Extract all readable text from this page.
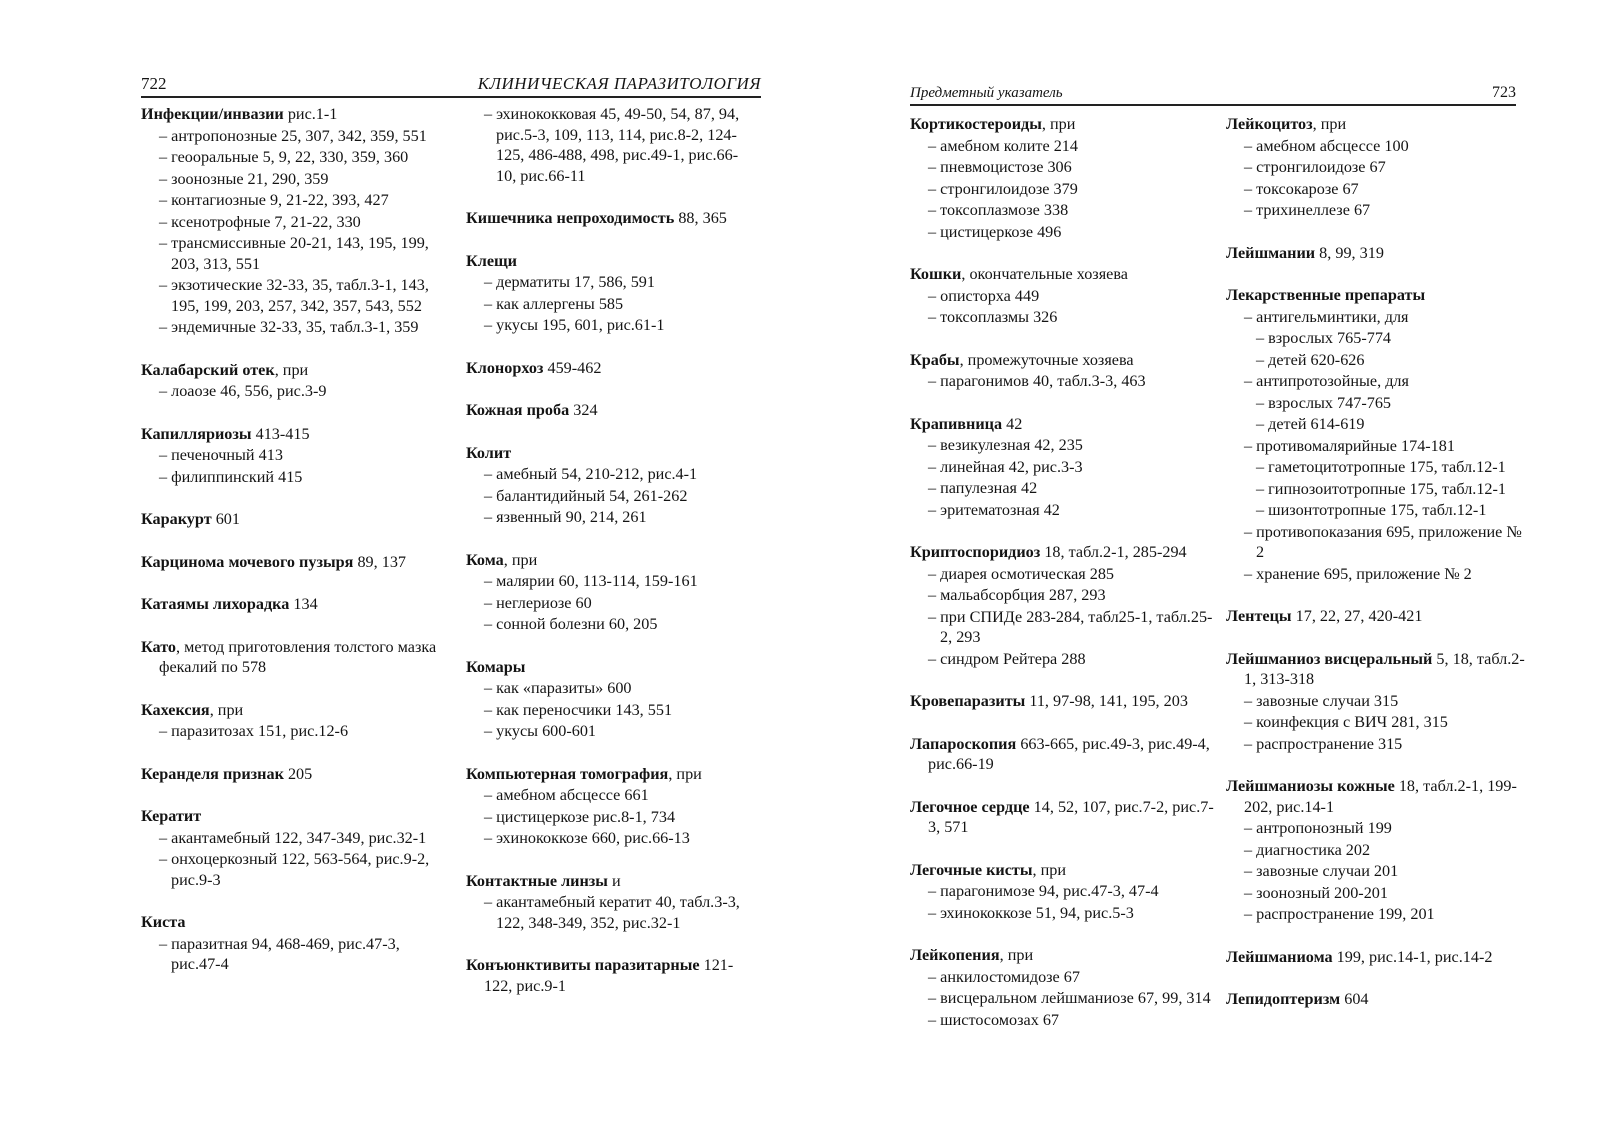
722	КЛИНИЧЕСКАЯ ПАРАЗИТОЛОГИЯ
Инфекции/инвазии рис.1-1
– антропонозные 25, 307, 342, 359, 551
– геооральные 5, 9, 22, 330, 359, 360
– зоонозные 21, 290, 359
– контагиозные 9, 21-22, 393, 427
– ксенотрофные 7, 21-22, 330
– трансмиссивные 20-21, 143, 195, 199, 203, 313, 551
– экзотические 32-33, 35, табл.3-1, 143, 195, 199, 203, 257, 342, 357, 543, 552
– эндемичные 32-33, 35, табл.3-1, 359
Калабарский отек, при
– лоаозе 46, 556, рис.3-9
Капилляриозы 413-415
– печеночный 413
– филиппинский 415
Каракурт 601
Карцинома мочевого пузыря 89, 137
Катаямы лихорадка 134
Като, метод приготовления толстого мазка фекалий по 578
Кахексия, при
– паразитозах 151, рис.12-6
Керанделя признак 205
Кератит
– акантамебный 122, 347-349, рис.32-1
– онхоцеркозный 122, 563-564, рис.9-2, рис.9-3
Киста
– паразитная 94, 468-469, рис.47-3, рис.47-4
– эхинококковая 45, 49-50, 54, 87, 94, рис.5-3, 109, 113, 114, рис.8-2, 124-125, 486-488, 498, рис.49-1, рис.66-10, рис.66-11
Кишечника непроходимость 88, 365
Клещи
– дерматиты 17, 586, 591
– как аллергены 585
– укусы 195, 601, рис.61-1
Клонорхоз 459-462
Кожная проба 324
Колит
– амебный 54, 210-212, рис.4-1
– балантидийный 54, 261-262
– язвенный 90, 214, 261
Кома, при
– малярии 60, 113-114, 159-161
– неглериозе 60
– сонной болезни 60, 205
Комары
– как «паразиты» 600
– как переносчики 143, 551
– укусы 600-601
Компьютерная томография, при
– амебном абсцессе 661
– цистицеркозе рис.8-1, 734
– эхинококкозе 660, рис.66-13
Контактные линзы и
– акантамебный кератит 40, табл.3-3, 122, 348-349, 352, рис.32-1
Конъюнктивиты паразитарные 121-122, рис.9-1
Предметный указатель	723
Кортикостероиды, при
– амебном колите 214
– пневмоцистозе 306
– стронгилоидозе 379
– токсоплазмозе 338
– цистицеркозе 496
Кошки, окончательные хозяева
– описторха 449
– токсоплазмы 326
Крабы, промежуточные хозяева
– парагонимов 40, табл.3-3, 463
Крапивница 42
– везикулезная 42, 235
– линейная 42, рис.3-3
– папулезная 42
– эритематозная 42
Криптоспоридиоз 18, табл.2-1, 285-294
– диарея осмотическая 285
– мальабсорбция 287, 293
– при СПИДе 283-284, табл25-1, табл.25-2, 293
– синдром Рейтера 288
Кровепаразиты 11, 97-98, 141, 195, 203
Лапароскопия 663-665, рис.49-3, рис.49-4, рис.66-19
Легочное сердце 14, 52, 107, рис.7-2, рис.7-3, 571
Легочные кисты, при
– парагонимозе 94, рис.47-3, 47-4
– эхинококкозе 51, 94, рис.5-3
Лейкопения, при
– анкилостомидозе 67
– висцеральном лейшманиозе 67, 99, 314
– шистосомозах 67
Лейкоцитоз, при
– амебном абсцессе 100
– стронгилоидозе 67
– токсокарозе 67
– трихинеллезе 67
Лейшмании 8, 99, 319
Лекарственные препараты
– антигельминтики, для
– взрослых 765-774
– детей 620-626
– антипротозойные, для
– взрослых 747-765
– детей 614-619
– противомалярийные 174-181
– гаметоцитотропные 175, табл.12-1
– гипнозоитотропные 175, табл.12-1
– шизонтотропные 175, табл.12-1
– противопоказания 695, приложение № 2
– хранение 695, приложение № 2
Лентецы 17, 22, 27, 420-421
Лейшманиоз висцеральный 5, 18, табл.2-1, 313-318
– завозные случаи 315
– коинфекция с ВИЧ 281, 315
– распространение 315
Лейшманиозы кожные 18, табл.2-1, 199-202, рис.14-1
– антропонозный 199
– диагностика 202
– завозные случаи 201
– зоонозный 200-201
– распространение 199, 201
Лейшманиома 199, рис.14-1, рис.14-2
Лепидоптеризм 604
